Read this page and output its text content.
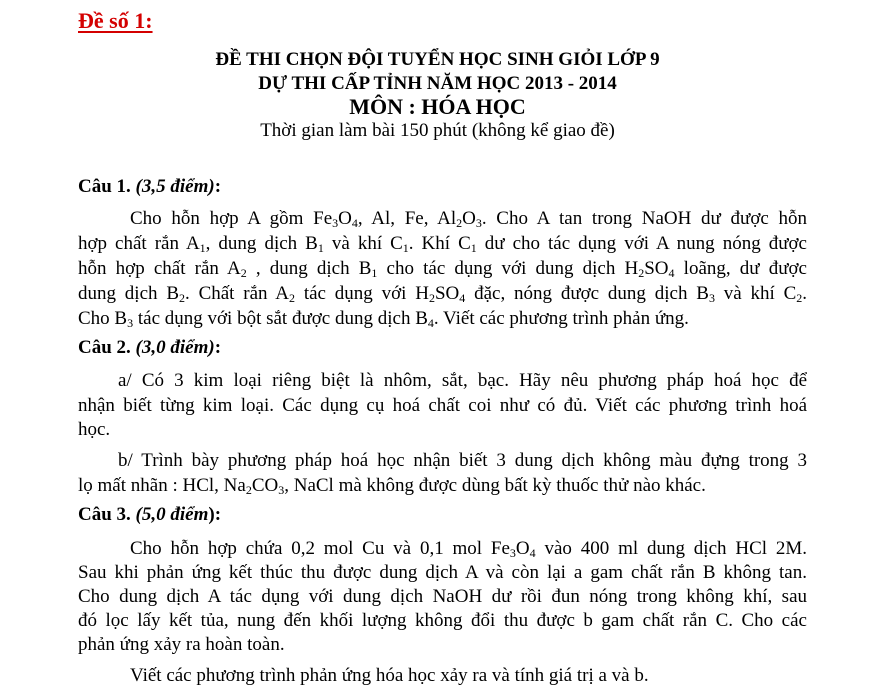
Đề số 1:
ĐỀ THI CHỌN ĐỘI TUYỂN HỌC SINH GIỎI LỚP 9
DỰ THI CẤP TỈNH NĂM HỌC 2013 - 2014
MÔN : HÓA HỌC
Thời gian làm bài 150 phút (không kể giao đề)
Câu 1. (3,5 điểm):
Cho hỗn hợp A gồm $Fe_3O_4$, Al, Fe, $Al_2O_3$. Cho A tan trong NaOH dư được hỗn
hợp chất rắn $A_1$, dung dịch $B_1$ và khí $C_1$. Khí $C_1$ dư cho tác dụng với A nung nóng được
hỗn hợp chất rắn $A_2$ , dung dịch $B_1$ cho tác dụng với dung dịch $H_2SO_4$ loãng, dư được
dung dịch $B_2$. Chất rắn $A_2$ tác dụng với $H_2SO_4$ đặc, nóng được dung dịch $B_3$ và khí $C_2$.
Cho $B_3$ tác dụng với bột sắt được dung dịch $B_4$. Viết các phương trình phản ứng.
Câu 2. (3,0 điểm):
a/ Có 3 kim loại riêng biệt là nhôm, sắt, bạc. Hãy nêu phương pháp hoá học để
nhận biết từng kim loại. Các dụng cụ hoá chất coi như có đủ. Viết các phương trình hoá
học.
b/ Trình bày phương pháp hoá học nhận biết 3 dung dịch không màu đựng trong 3
lọ mất nhãn : HCl, $Na_2CO_3$, NaCl mà không được dùng bất kỳ thuốc thử nào khác.
Câu 3. (5,0 điểm):
Cho hỗn hợp chứa 0,2 mol Cu và 0,1 mol $Fe_3O_4$ vào 400 ml dung dịch HCl 2M.
Sau khi phản ứng kết thúc thu được dung dịch A và còn lại a gam chất rắn B không tan.
Cho dung dịch A tác dụng với dung dịch NaOH dư rồi đun nóng trong không khí, sau
đó lọc lấy kết tủa, nung đến khối lượng không đổi thu được b gam chất rắn C. Cho các
phản ứng xảy ra hoàn toàn.
Viết các phương trình phản ứng hóa học xảy ra và tính giá trị a và b.
